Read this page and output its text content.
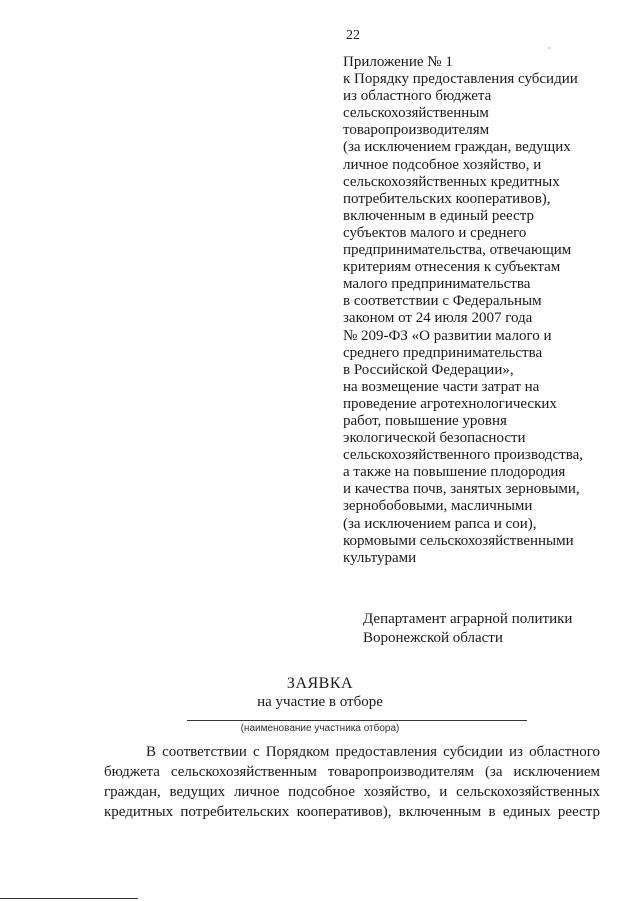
22
Приложение № 1
к Порядку предоставления субсидии
из областного бюджета
сельскохозяйственным
товаропроизводителям
(за исключением граждан, ведущих
личное подсобное хозяйство, и
сельскохозяйственных кредитных
потребительских кооперативов),
включенным в единый реестр
субъектов малого и среднего
предпринимательства, отвечающим
критериям отнесения к субъектам
малого предпринимательства
в соответствии с Федеральным
законом от 24 июля 2007 года
№ 209-ФЗ «О развитии малого и
среднего предпринимательства
в Российской Федерации»,
на возмещение части затрат на
проведение агротехнологических
работ, повышение уровня
экологической безопасности
сельскохозяйственного производства,
а также на повышение плодородия
и качества почв, занятых зерновыми,
зернобобовыми, масличными
(за исключением рапса и сои),
кормовыми сельскохозяйственными
культурами
Департамент аграрной политики
Воронежской области
ЗАЯВКА
на участие в отборе
(наименование участника отбора)
В соответствии с Порядком предоставления субсидии из областного
бюджета сельскохозяйственным товаропроизводителям (за исключением
граждан, ведущих личное подсобное хозяйство, и сельскохозяйственных
кредитных потребительских кооперативов), включенным в единых реестр
